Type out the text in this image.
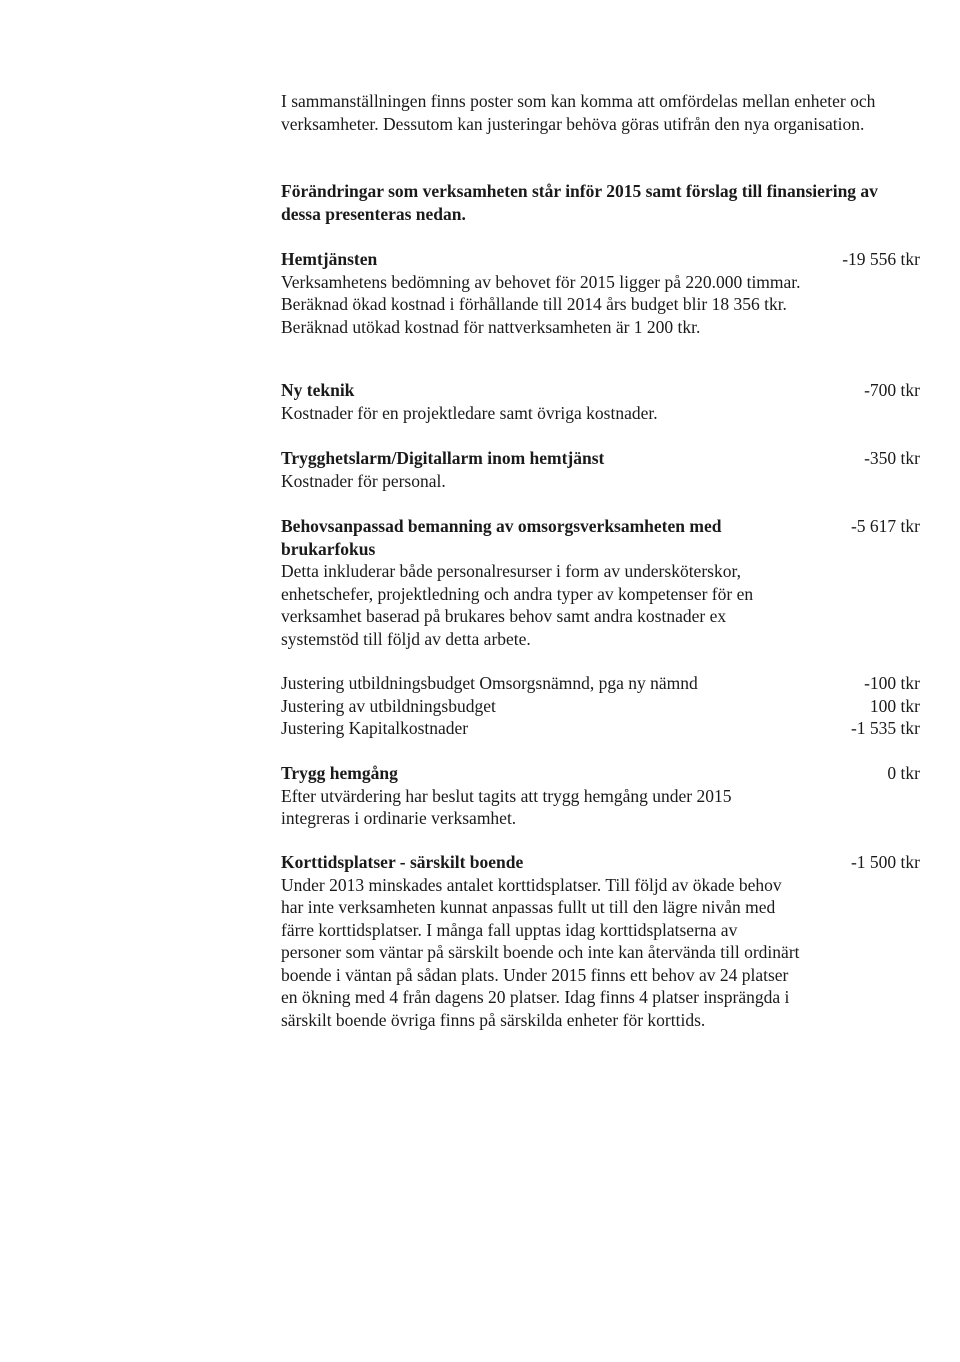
I sammanställningen finns poster som kan komma att omfördelas mellan enheter och verksamheter. Dessutom kan justeringar behöva göras utifrån den nya organisation.
Förändringar som verksamheten står inför 2015 samt förslag till finansiering av dessa presenteras nedan.
Hemtjänsten
Verksamhetens bedömning av behovet för 2015 ligger på 220.000 timmar. Beräknad ökad kostnad i förhållande till 2014 års budget blir 18 356 tkr. Beräknad utökad kostnad för nattverksamheten är 1 200 tkr.
-19 556 tkr
Ny teknik
Kostnader för en projektledare samt övriga kostnader.
-700 tkr
Trygghetslarm/Digitallarm inom hemtjänst
Kostnader för personal.
-350 tkr
Behovsanpassad bemanning av omsorgsverksamheten med brukarfokus
Detta inkluderar både personalresurser i form av undersköterskor, enhetschefer, projektledning och andra typer av kompetenser för en verksamhet baserad på brukares behov samt andra kostnader ex systemstöd till följd av detta arbete.
-5 617 tkr
Justering utbildningsbudget Omsorgsnämnd, pga ny nämnd
Justering av utbildningsbudget
Justering Kapitalkostnader
-100 tkr
100 tkr
-1 535 tkr
Trygg hemgång
Efter utvärdering har beslut tagits att trygg hemgång under 2015 integreras i ordinarie verksamhet.
0 tkr
Korttidsplatser - särskilt boende
Under 2013 minskades antalet korttidsplatser. Till följd av ökade behov har inte verksamheten kunnat anpassas fullt ut till den lägre nivån med färre korttidsplatser. I många fall upptas idag korttidsplatserna av personer som väntar på särskilt boende och inte kan återvända till ordinärt boende i väntan på sådan plats. Under 2015 finns ett behov av 24 platser en ökning med 4 från dagens 20 platser. Idag finns 4 platser insprängda i särskilt boende övriga finns på särskilda enheter för korttids.
-1 500 tkr
